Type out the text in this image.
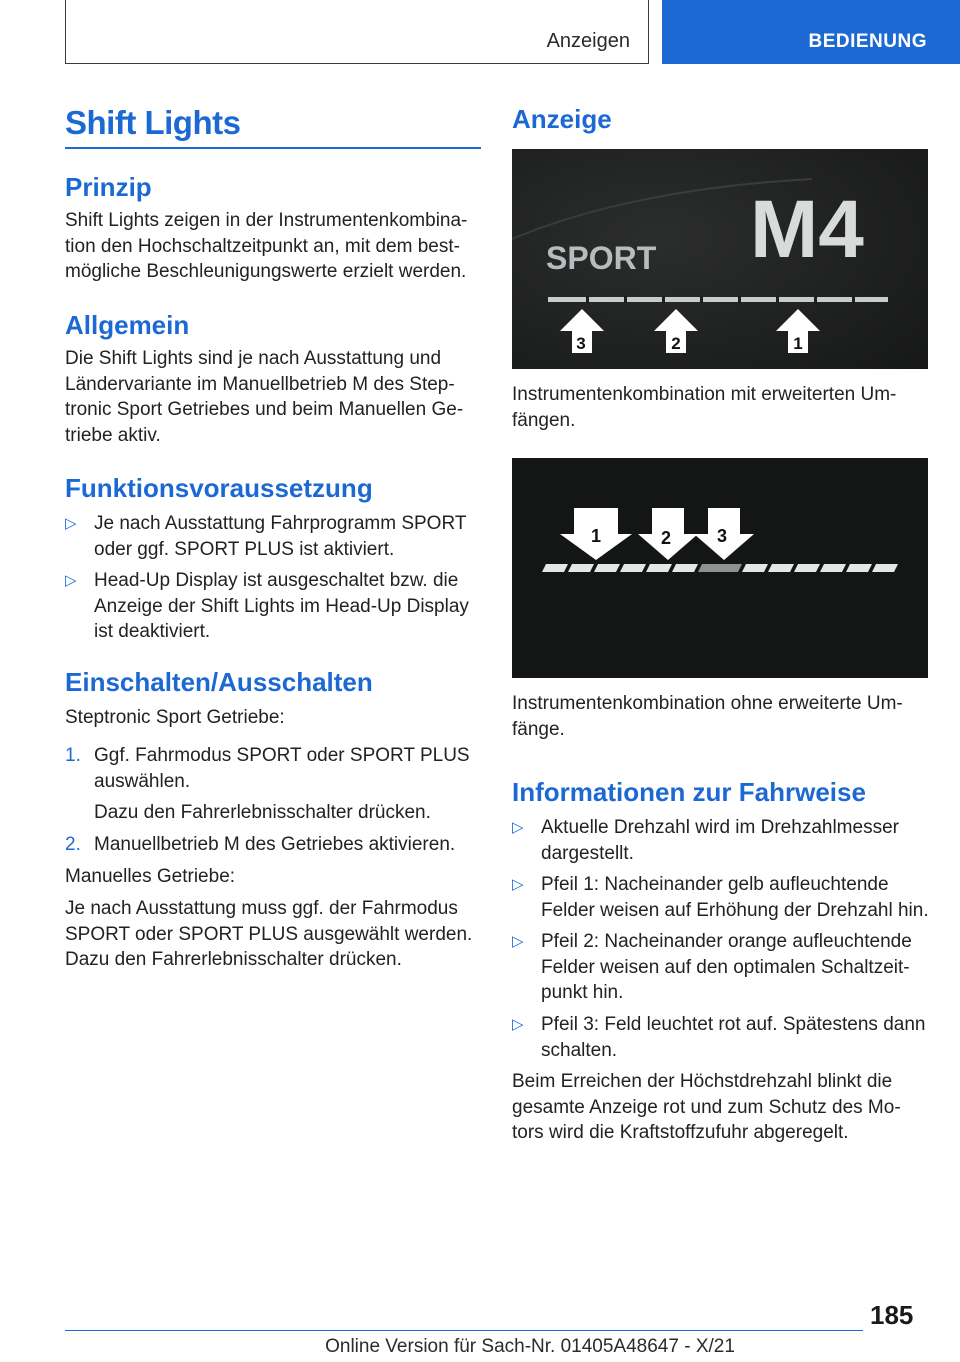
Anzeigen	BEDIENUNG
Shift Lights
Prinzip
Shift Lights zeigen in der Instrumentenkombina-
tion den Hochschaltzeitpunkt an, mit dem best-
mögliche Beschleunigungswerte erzielt werden.
Allgemein
Die Shift Lights sind je nach Ausstattung und
Ländervariante im Manuellbetrieb M des Step-
tronic Sport Getriebes und beim Manuellen Ge-
triebe aktiv.
Funktionsvoraussetzung
▷ Je nach Ausstattung Fahrprogramm SPORT
oder ggf. SPORT PLUS ist aktiviert.
▷ Head-Up Display ist ausgeschaltet bzw. die
Anzeige der Shift Lights im Head-Up Display
ist deaktiviert.
Einschalten/Ausschalten
Steptronic Sport Getriebe:
1. Ggf. Fahrmodus SPORT oder SPORT PLUS
auswählen.
Dazu den Fahrerlebnisschalter drücken.
2. Manuellbetrieb M des Getriebes aktivieren.
Manuelles Getriebe:
Je nach Ausstattung muss ggf. der Fahrmodus
SPORT oder SPORT PLUS ausgewählt werden.
Dazu den Fahrerlebnisschalter drücken.
Anzeige
SPORT M4
3	2	1
Instrumentenkombination mit erweiterten Um-
fängen.
1	2	3
Instrumentenkombination ohne erweiterte Um-
fänge.
Informationen zur Fahrweise
▷ Aktuelle Drehzahl wird im Drehzahlmesser
dargestellt.
▷ Pfeil 1: Nacheinander gelb aufleuchtende
Felder weisen auf Erhöhung der Drehzahl hin.
▷ Pfeil 2: Nacheinander orange aufleuchtende
Felder weisen auf den optimalen Schaltzeit-
punkt hin.
▷ Pfeil 3: Feld leuchtet rot auf. Spätestens dann
schalten.
Beim Erreichen der Höchstdrehzahl blinkt die
gesamte Anzeige rot und zum Schutz des Mo-
tors wird die Kraftstoffzufuhr abgeregelt.
185
Online Version für Sach-Nr. 01405A48647 - X/21
